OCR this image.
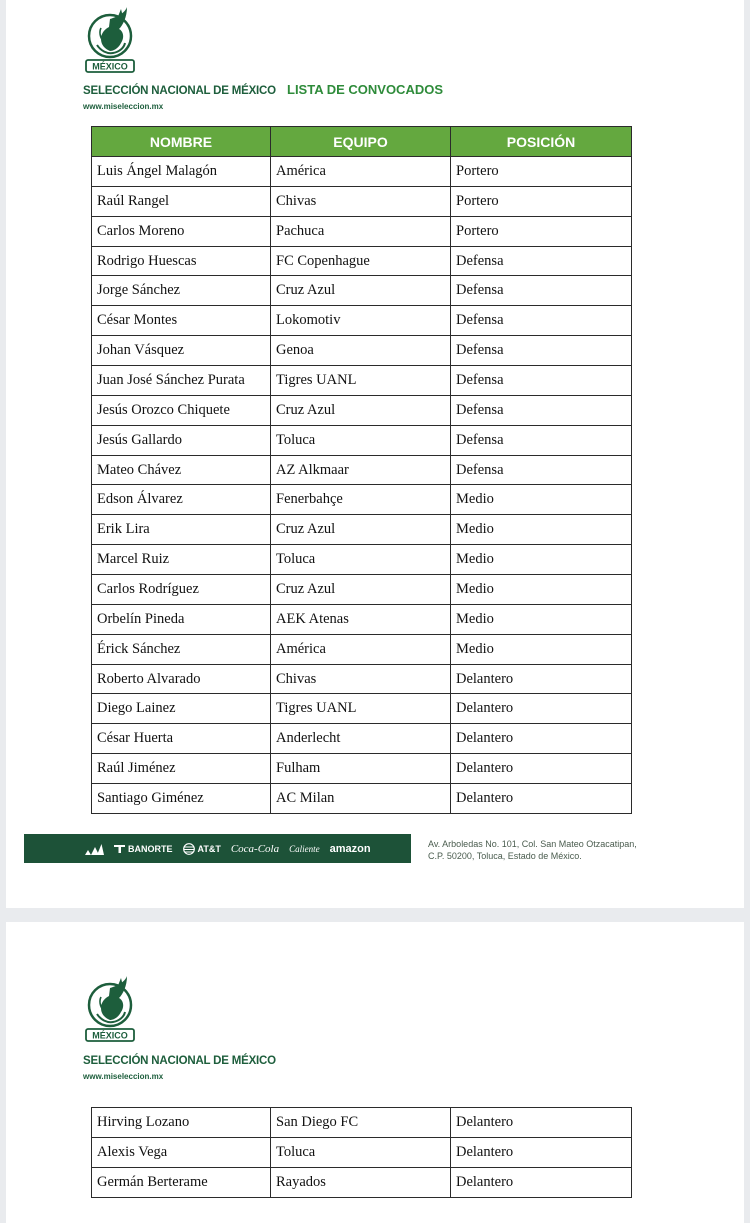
MÉXICO
SELECCIÓN NACIONAL DE MÉXICO
www.miseleccion.mx
LISTA DE CONVOCADOS
NOMBRE	EQUIPO	POSICIÓN
Luis Ángel Malagón	América	Portero
Raúl Rangel	Chivas	Portero
Carlos Moreno	Pachuca	Portero
Rodrigo Huescas	FC Copenhague	Defensa
Jorge Sánchez	Cruz Azul	Defensa
César Montes	Lokomotiv	Defensa
Johan Vásquez	Genoa	Defensa
Juan José Sánchez Purata	Tigres UANL	Defensa
Jesús Orozco Chiquete	Cruz Azul	Defensa
Jesús Gallardo	Toluca	Defensa
Mateo Chávez	AZ Alkmaar	Defensa
Edson Álvarez	Fenerbahçe	Medio
Erik Lira	Cruz Azul	Medio
Marcel Ruiz	Toluca	Medio
Carlos Rodríguez	Cruz Azul	Medio
Orbelín Pineda	AEK Atenas	Medio
Érick Sánchez	América	Medio
Roberto Alvarado	Chivas	Delantero
Diego Lainez	Tigres UANL	Delantero
César Huerta	Anderlecht	Delantero
Raúl Jiménez	Fulham	Delantero
Santiago Giménez	AC Milan	Delantero
BANORTE	AT&T Coca-Cola Caliente amazon	Av. Arboledas No. 101, Col. San Mateo Otzacatipan,
C.P. 50200, Toluca, Estado de México.
MÉXICO
SELECCIÓN NACIONAL DE MÉXICO
www.miseleccion.mx
Hirving Lozano	San Diego FC	Delantero
Alexis Vega	Toluca	Delantero
Germán Berterame	Rayados	Delantero
